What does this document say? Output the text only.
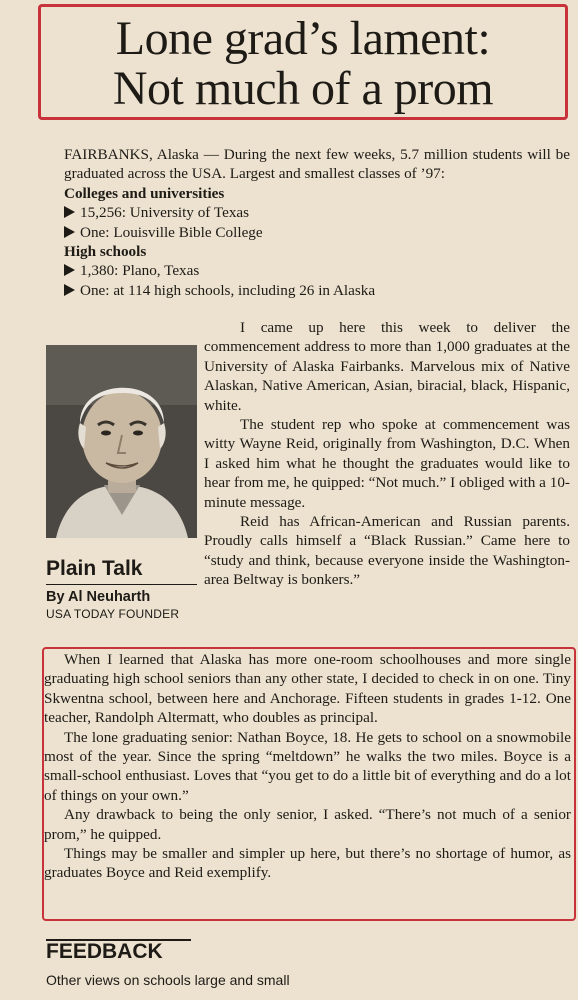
Lone grad’s lament:
Not much of a prom

FAIRBANKS, Alaska — During the next few weeks, 5.7 million students will be graduated across the USA. Largest and smallest classes of ’97:

Colleges and universities

15,256: University of Texas

One: Louisville Bible College

High schools

1,380: Plano, Texas

One: at 114 high schools, including 26 in Alaska

Plain Talk

By Al Neuharth

USA TODAY FOUNDER

I came up here this week to deliver the commencement address to more than 1,000 graduates at the University of Alaska Fairbanks. Marvelous mix of Native Alaskan, Native American, Asian, biracial, black, Hispanic, white.

The student rep who spoke at commencement was witty Wayne Reid, originally from Washington, D.C. When I asked him what he thought the graduates would like to hear from me, he quipped: “Not much.” I obliged with a 10-minute message.

Reid has African-American and Russian parents. Proudly calls himself a “Black Russian.” Came here to “study and think, because everyone inside the Washington-area Beltway is bonkers.”

When I learned that Alaska has more one-room schoolhouses and more single graduating high school seniors than any other state, I decided to check in on one. Tiny Skwentna school, between here and Anchorage. Fifteen students in grades 1-12. One teacher, Randolph Altermatt, who doubles as principal.

The lone graduating senior: Nathan Boyce, 18. He gets to school on a snowmobile most of the year. Since the spring “meltdown” he walks the two miles. Boyce is a small-school enthusiast. Loves that “you get to do a little bit of everything and do a lot of things on your own.”

Any drawback to being the only senior, I asked. “There’s not much of a senior prom,” he quipped.

Things may be smaller and simpler up here, but there’s no shortage of humor, as graduates Boyce and Reid exemplify.

FEEDBACK

Other views on schools large and small
